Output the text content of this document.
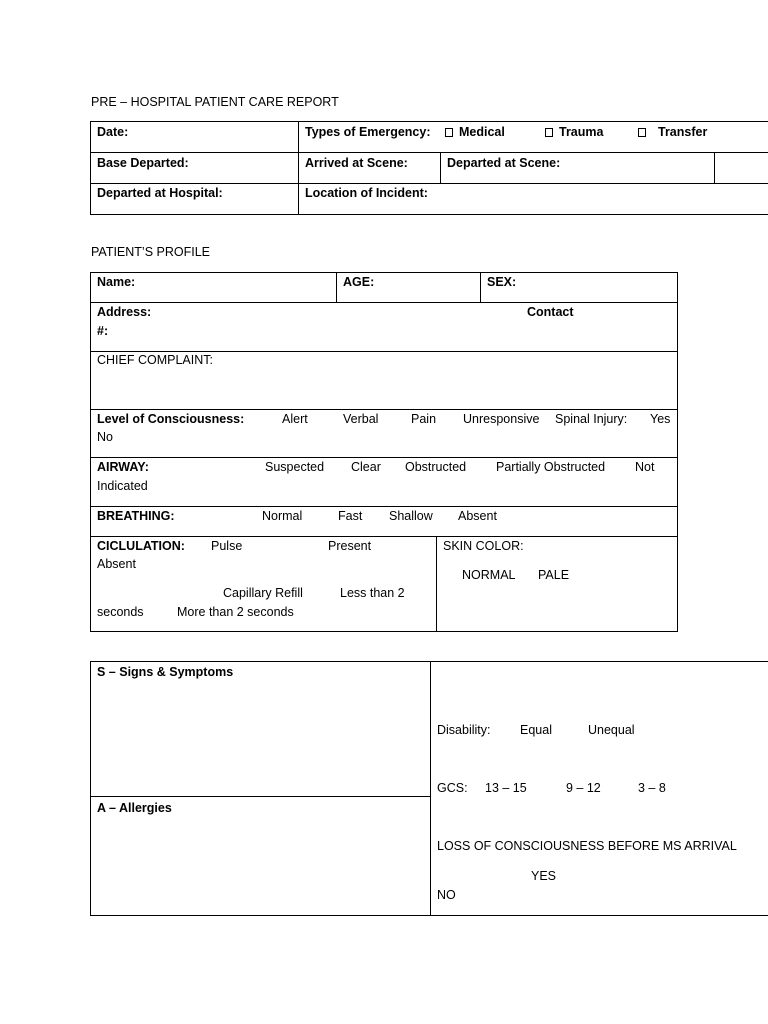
PRE – HOSPITAL PATIENT CARE REPORT
Date:	Types of Emergency:	Medical	Trauma	Transfer
Base Departed:	Arrived at Scene:	Departed at Scene:
Departed at Hospital:	Location of Incident:
PATIENT’S PROFILE
Name:	AGE:	SEX:
Address:	Contact
#:
CHIEF COMPLAINT:
Level of Consciousness:	Alert	Verbal	Pain Unresponsive Spinal Injury: Yes
No
AIRWAY:	Suspected Clear Obstructed Partially Obstructed Not
Indicated
BREATHING:	Normal	Fast Shallow Absent
CICLULATION: Pulse	Present
Absent
Capillary Refill	Less than 2
seconds	More than 2 seconds
SKIN COLOR:
NORMAL PALE
S – Signs & Symptoms
A – Allergies
Disability: Equal	Unequal
GCS: 13 – 15	9 – 12	3 – 8
LOSS OF CONSCIOUSNESS BEFORE MS ARRIVAL
YES
NO
